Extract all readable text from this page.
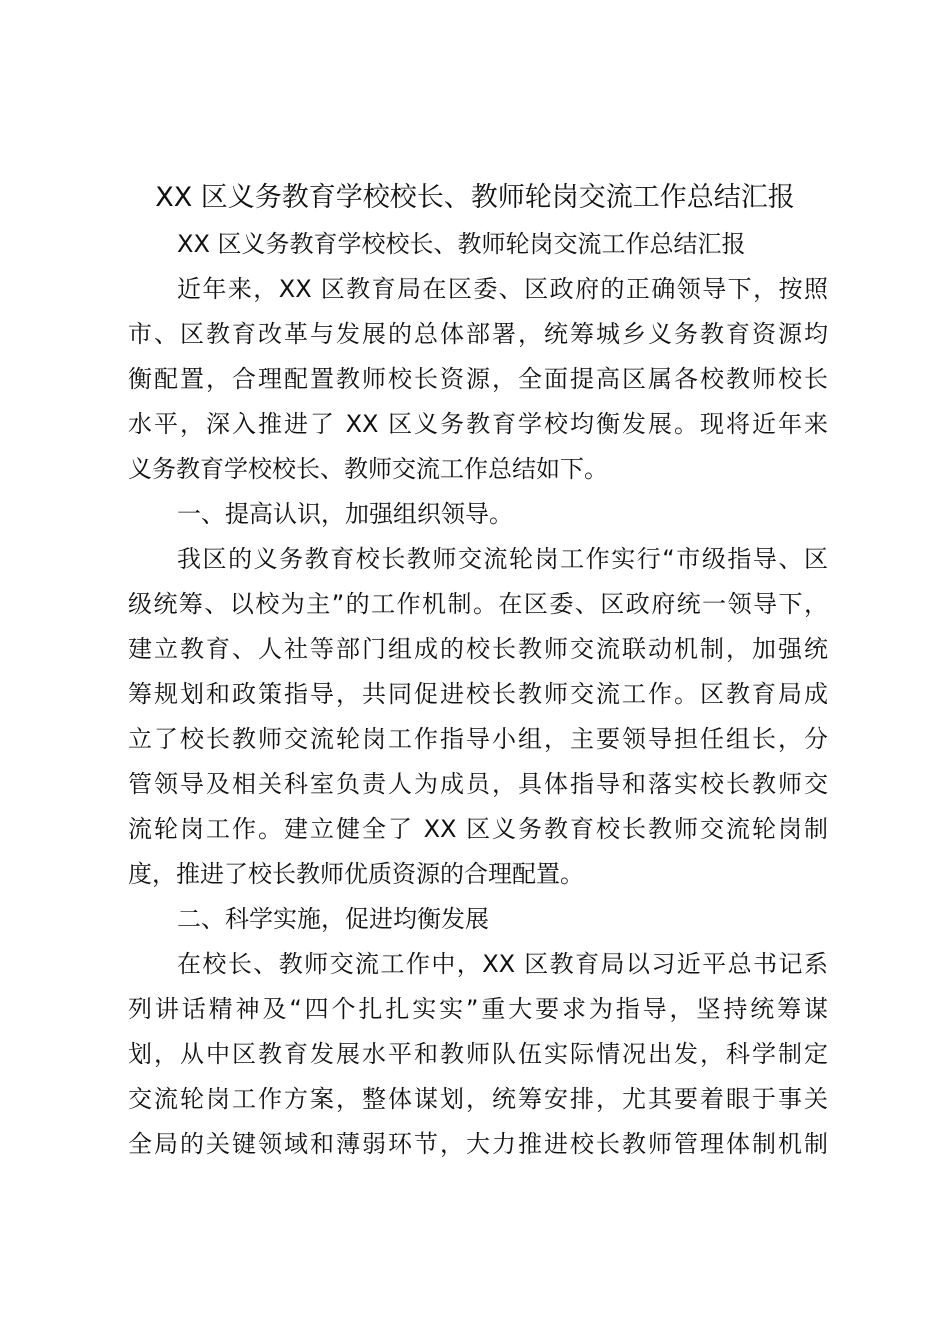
XX 区义务教育学校校长、教师轮岗交流工作总结汇报
XX 区义务教育学校校长、教师轮岗交流工作总结汇报
近年来，XX 区教育局在区委、区政府的正确领导下，按照
市、区教育改革与发展的总体部署，统筹城乡义务教育资源均
衡配置，合理配置教师校长资源，全面提高区属各校教师校长
水平，深入推进了 XX 区义务教育学校均衡发展。现将近年来
义务教育学校校长、教师交流工作总结如下。
一、提高认识，加强组织领导。
我区的义务教育校长教师交流轮岗工作实行“市级指导、区
级统筹、以校为主”的工作机制。在区委、区政府统一领导下，
建立教育、人社等部门组成的校长教师交流联动机制，加强统
筹规划和政策指导，共同促进校长教师交流工作。区教育局成
立了校长教师交流轮岗工作指导小组，主要领导担任组长，分
管领导及相关科室负责人为成员，具体指导和落实校长教师交
流轮岗工作。建立健全了 XX 区义务教育校长教师交流轮岗制
度，推进了校长教师优质资源的合理配置。
二、科学实施，促进均衡发展
在校长、教师交流工作中，XX 区教育局以习近平总书记系
列讲话精神及“四个扎扎实实”重大要求为指导，坚持统筹谋
划，从中区教育发展水平和教师队伍实际情况出发，科学制定
交流轮岗工作方案，整体谋划，统筹安排，尤其要着眼于事关
全局的关键领域和薄弱环节，大力推进校长教师管理体制机制
